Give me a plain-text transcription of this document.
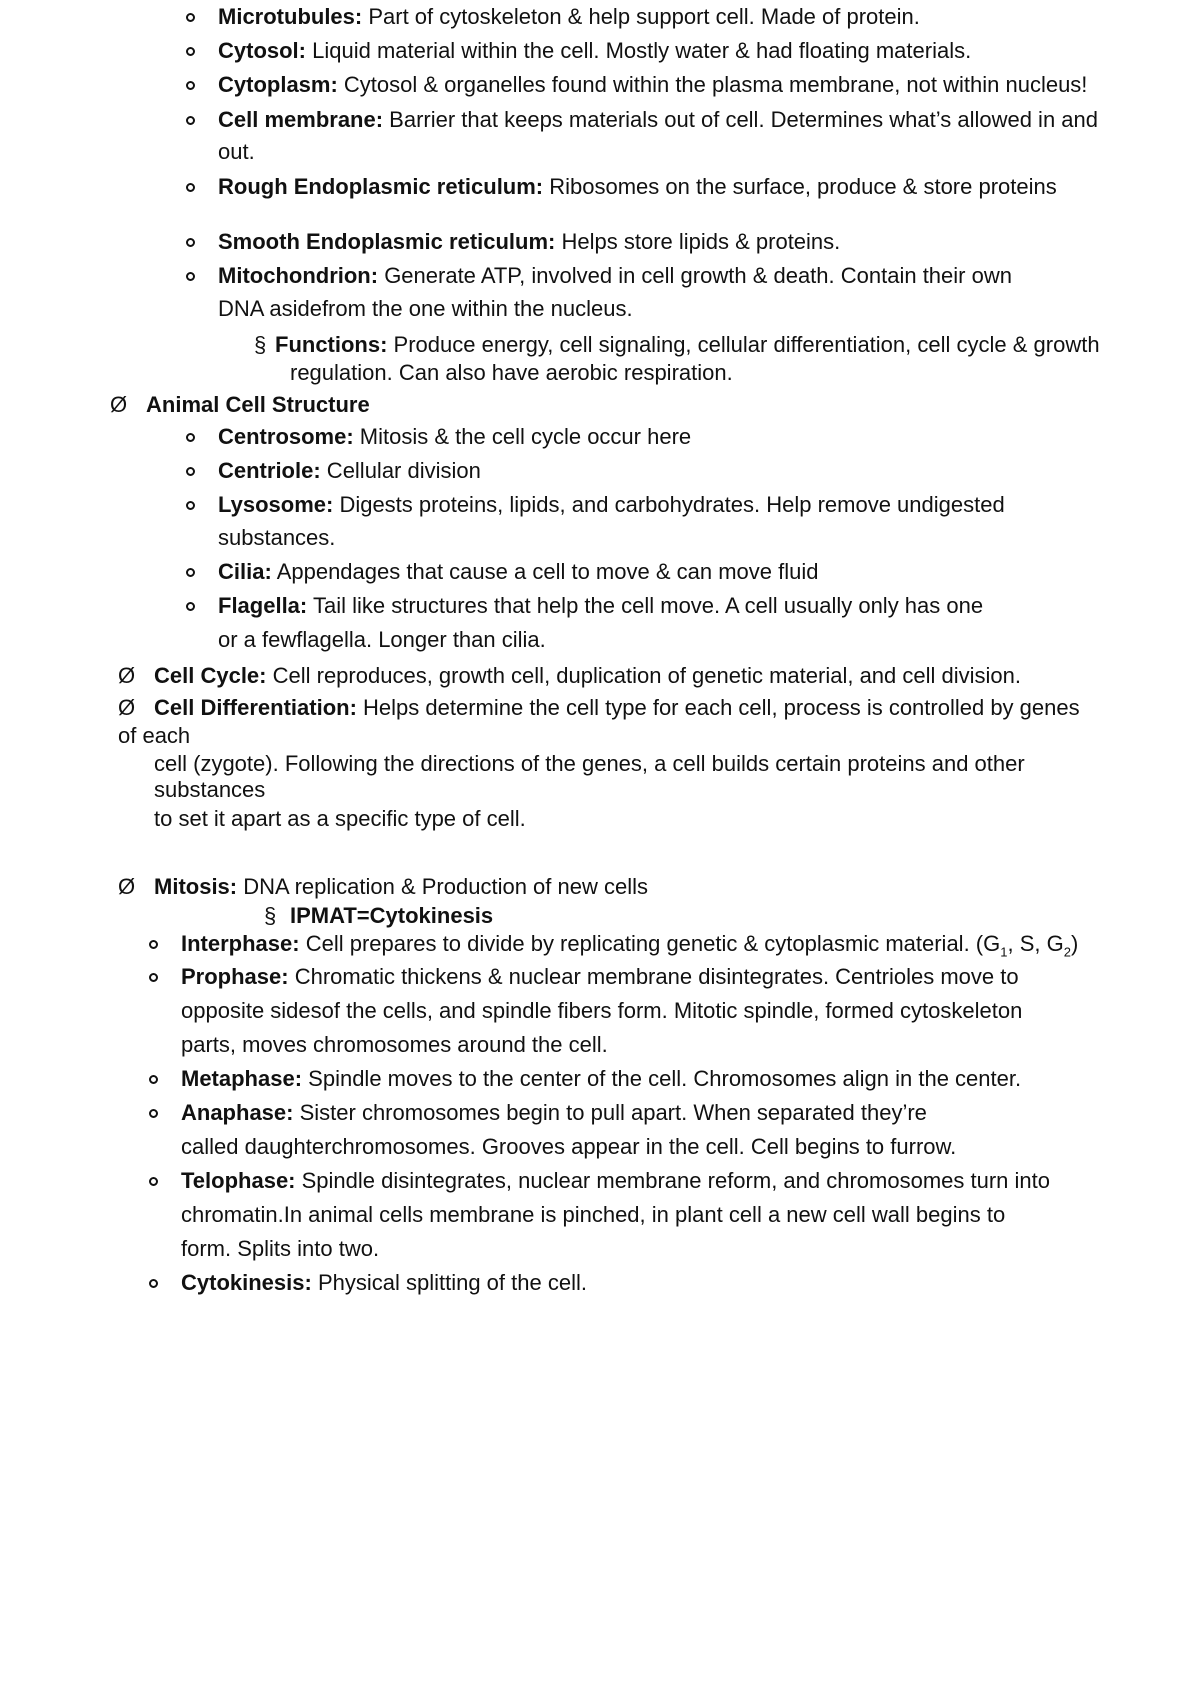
Microtubules: Part of cytoskeleton & help support cell. Made of protein.
Cytosol: Liquid material within the cell. Mostly water & had floating materials.
Cytoplasm: Cytosol & organelles found within the plasma membrane, not within nucleus!
Cell membrane: Barrier that keeps materials out of cell. Determines what’s allowed in and
out.
Rough Endoplasmic reticulum: Ribosomes on the surface, produce & store proteins
Smooth Endoplasmic reticulum: Helps store lipids & proteins.
Mitochondrion: Generate ATP, involved in cell growth & death. Contain their own
DNA asidefrom the one within the nucleus.
§ Functions: Produce energy, cell signaling, cellular differentiation, cell cycle & growth
regulation. Can also have aerobic respiration.
Ø Animal Cell Structure
Centrosome: Mitosis & the cell cycle occur here
Centriole: Cellular division
Lysosome: Digests proteins, lipids, and carbohydrates. Help remove undigested
substances.
Cilia: Appendages that cause a cell to move & can move fluid
Flagella: Tail like structures that help the cell move. A cell usually only has one
or a fewflagella. Longer than cilia.
Ø Cell Cycle: Cell reproduces, growth cell, duplication of genetic material, and cell division.
Ø Cell Differentiation: Helps determine the cell type for each cell, process is controlled by genes
of each
cell (zygote). Following the directions of the genes, a cell builds certain proteins and other
substances
to set it apart as a specific type of cell.
Ø Mitosis: DNA replication & Production of new cells
§ IPMAT=Cytokinesis
Interphase: Cell prepares to divide by replicating genetic & cytoplasmic material. ($G_1$, S, $G_2$)
Prophase: Chromatic thickens & nuclear membrane disintegrates. Centrioles move to
opposite sidesof the cells, and spindle fibers form. Mitotic spindle, formed cytoskeleton
parts, moves chromosomes around the cell.
Metaphase: Spindle moves to the center of the cell. Chromosomes align in the center.
Anaphase: Sister chromosomes begin to pull apart. When separated they’re
called daughterchromosomes. Grooves appear in the cell. Cell begins to furrow.
Telophase: Spindle disintegrates, nuclear membrane reform, and chromosomes turn into
chromatin.In animal cells membrane is pinched, in plant cell a new cell wall begins to
form. Splits into two.
Cytokinesis: Physical splitting of the cell.
